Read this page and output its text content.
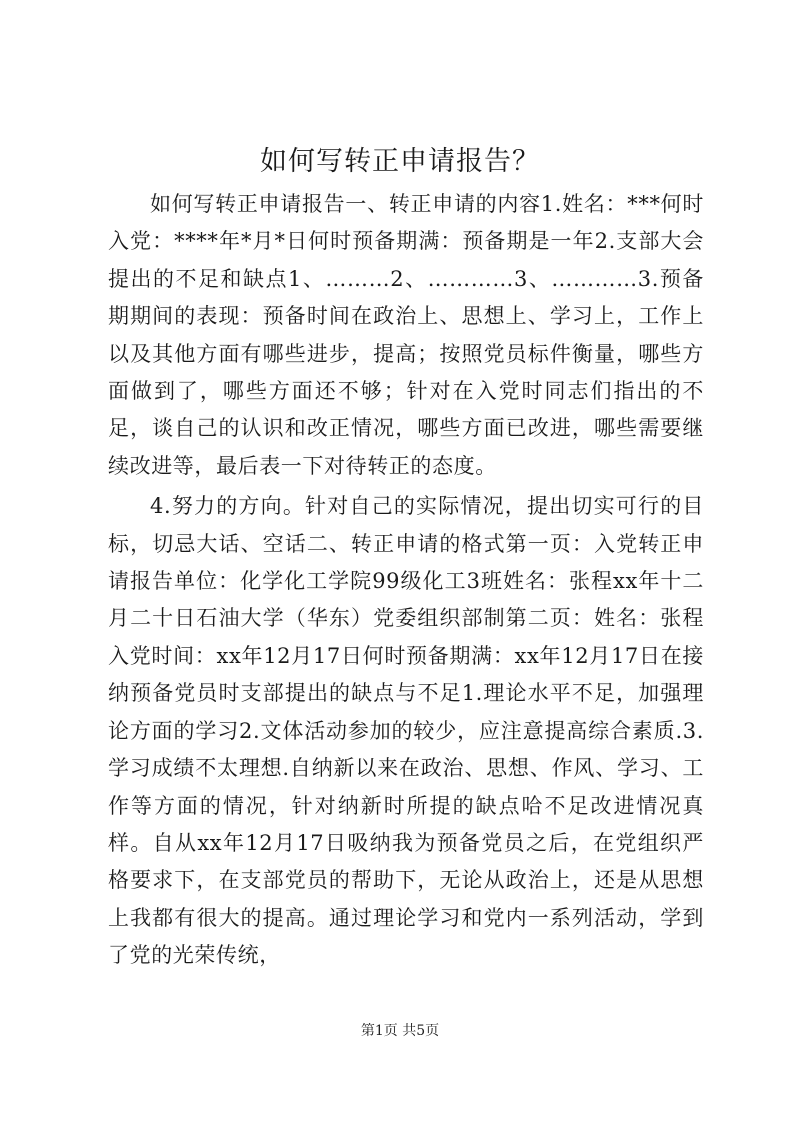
如何写转正申请报告？

如何写转正申请报告一、转正申请的内容1.姓名：***何时入党：****年*月*日何时预备期满：预备期是一年2.支部大会提出的不足和缺点1、………2、…………3、…………3.预备期期间的表现：预备时间在政治上、思想上、学习上，工作上以及其他方面有哪些进步，提高；按照党员标件衡量，哪些方面做到了，哪些方面还不够；针对在入党时同志们指出的不足，谈自己的认识和改正情况，哪些方面已改进，哪些需要继续改进等，最后表一下对待转正的态度。

4.努力的方向。针对自己的实际情况，提出切实可行的目标，切忌大话、空话二、转正申请的格式第一页：入党转正申请报告单位：化学化工学院99级化工3班姓名：张程xx年十二月二十日石油大学（华东）党委组织部制第二页：姓名：张程入党时间：xx年12月17日何时预备期满：xx年12月17日在接纳预备党员时支部提出的缺点与不足1.理论水平不足，加强理论方面的学习2.文体活动参加的较少，应注意提高综合素质.3.学习成绩不太理想.自纳新以来在政治、思想、作风、学习、工作等方面的情况，针对纳新时所提的缺点哈不足改进情况真样。自从xx年12月17日吸纳我为预备党员之后，在党组织严格要求下，在支部党员的帮助下，无论从政治上，还是从思想上我都有很大的提高。通过理论学习和党内一系列活动，学到了党的光荣传统，

第1页 共5页
